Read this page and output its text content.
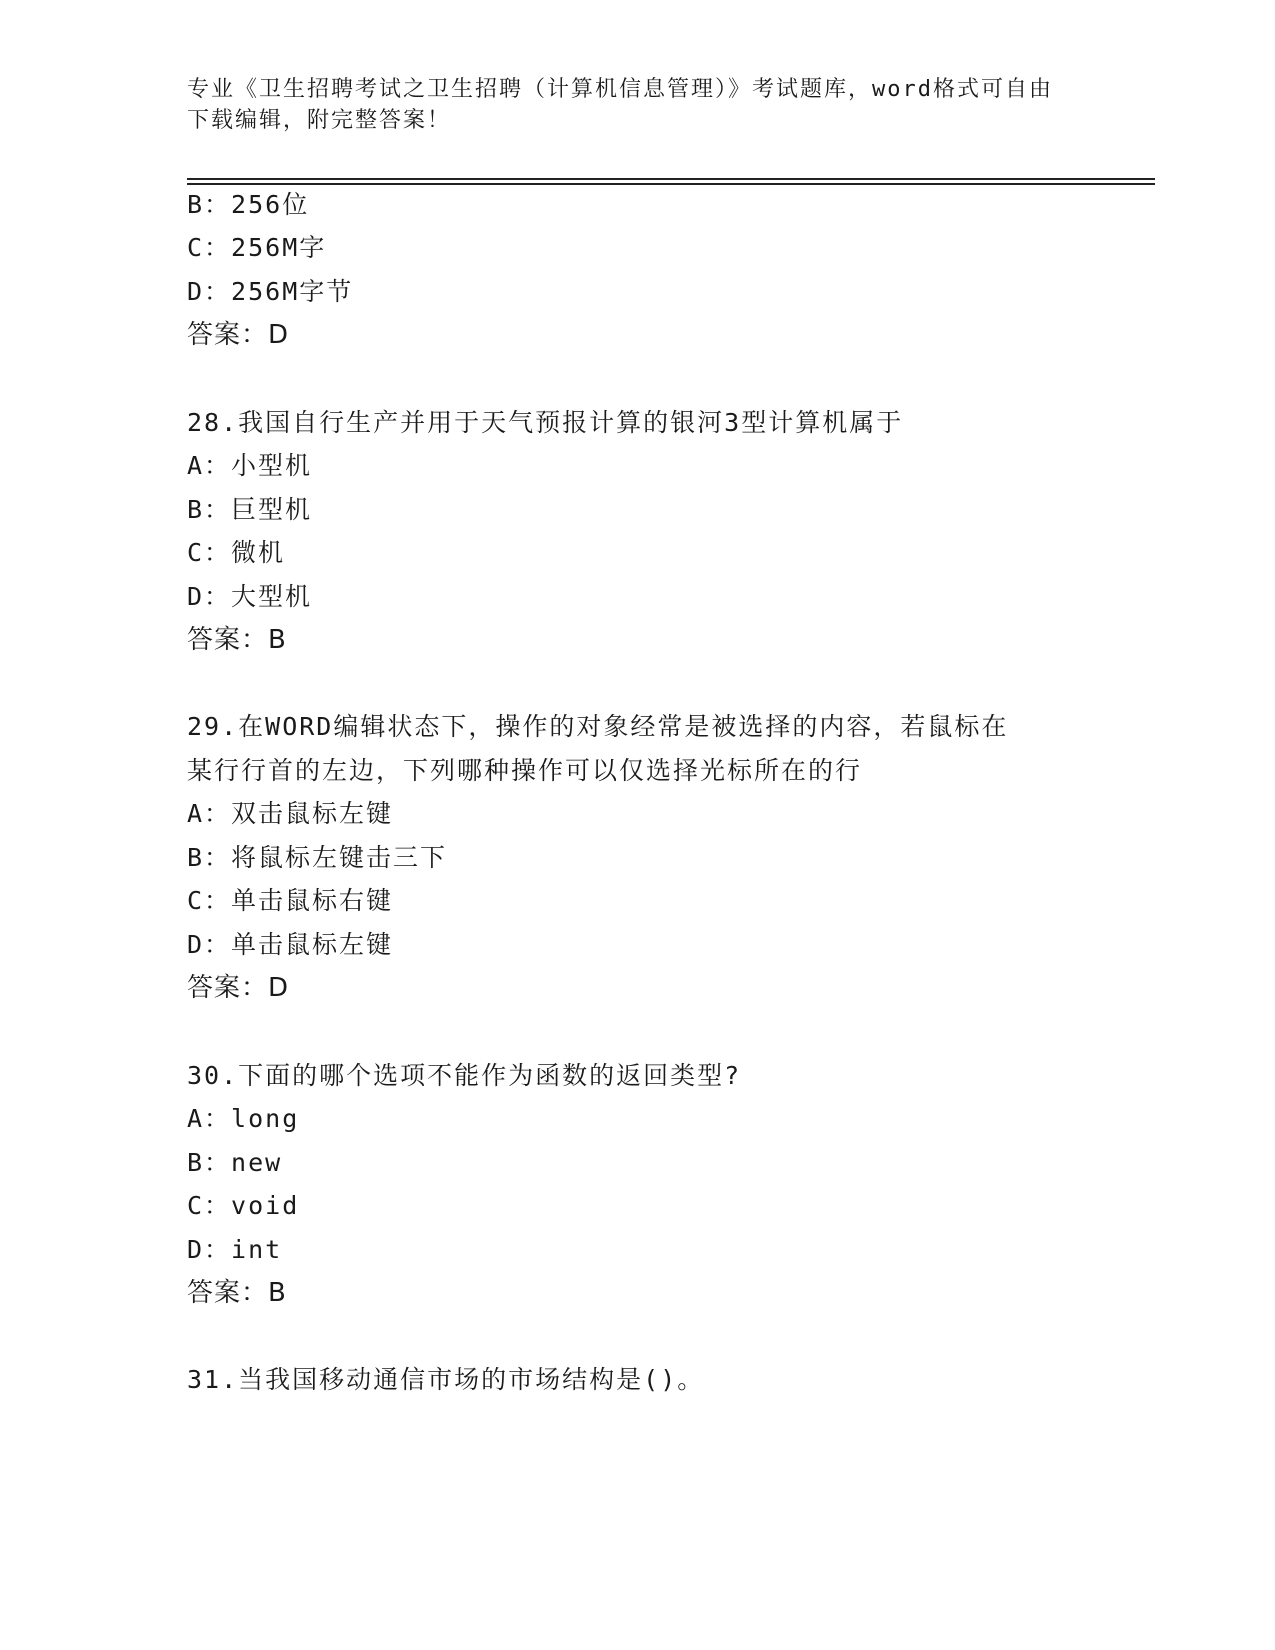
专业《卫生招聘考试之卫生招聘（计算机信息管理）》考试题库，word格式可自由下载编辑，附完整答案！
B：256位
C：256M字
D：256M字节
答案：D
28.我国自行生产并用于天气预报计算的银河3型计算机属于
A：小型机
B：巨型机
C：微机
D：大型机
答案：B
29.在WORD编辑状态下，操作的对象经常是被选择的内容，若鼠标在
某行行首的左边，下列哪种操作可以仅选择光标所在的行
A：双击鼠标左键
B：将鼠标左键击三下
C：单击鼠标右键
D：单击鼠标左键
答案：D
30.下面的哪个选项不能作为函数的返回类型?
A：long
B：new
C：void
D：int
答案：B
31.当我国移动通信市场的市场结构是()。
